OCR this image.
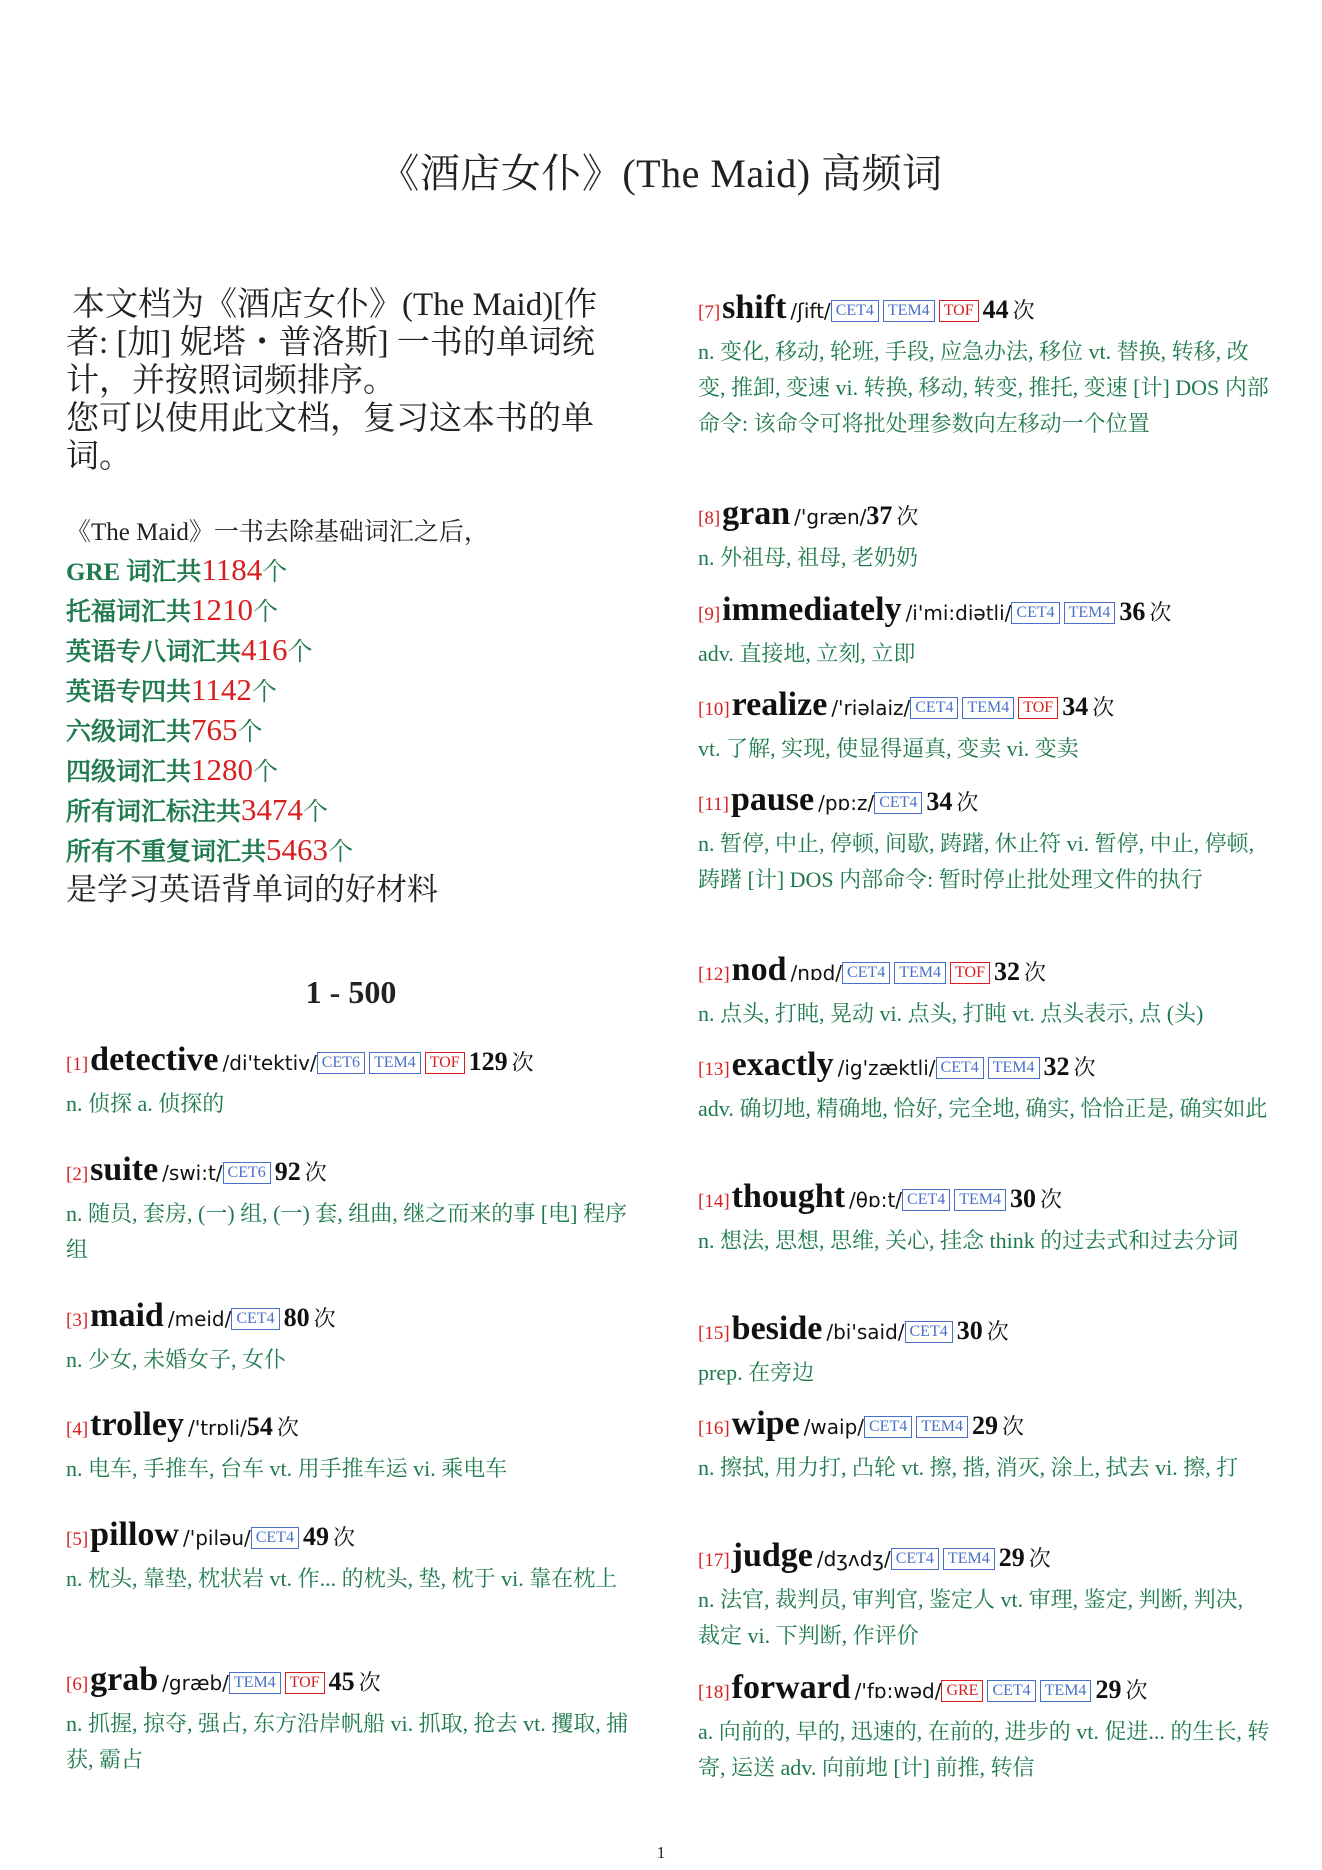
《酒店女仆》(The Maid) 高频词
本文档为《酒店女仆》(The Maid)[作者: [加] 妮塔・普洛斯] 一书的单词统计，并按照词频排序。
您可以使用此文档，复习这本书的单词。
《The Maid》一书去除基础词汇之后，
GRE 词汇共1184个
托福词汇共1210个
英语专八词汇共416个
英语专四共1142个
六级词汇共765个
四级词汇共1280个
所有词汇标注共3474个
所有不重复词汇共5463个
是学习英语背单词的好材料
1 - 500
[1]detective /di'tektiv/ CET6 TEM4 TOF 129 次
n. 侦探 a. 侦探的
[2]suite /swi:t/ CET6 92 次
n. 随员, 套房, (一) 组, (一) 套, 组曲, 继之而来的事 [电] 程序组
[3]maid /meid/ CET4 80 次
n. 少女, 未婚女子, 女仆
[4]trolley /'trɒli/54 次
n. 电车, 手推车, 台车 vt. 用手推车运 vi. 乘电车
[5]pillow /'piləu/ CET4 49 次
n. 枕头, 靠垫, 枕状岩 vt. 作... 的枕头, 垫, 枕于 vi. 靠在枕上
[6]grab /græb/ TEM4 TOF 45 次
n. 抓握, 掠夺, 强占, 东方沿岸帆船 vi. 抓取, 抢去 vt. 攫取, 捕获, 霸占
[7]shift /ʃift/ CET4 TEM4 TOF 44 次
n. 变化, 移动, 轮班, 手段, 应急办法, 移位 vt. 替换, 转移, 改变, 推卸, 变速 vi. 转换, 移动, 转变, 推托, 变速 [计] DOS 内部命令: 该命令可将批处理参数向左移动一个位置
[8]gran /'græn/37 次
n. 外祖母, 祖母, 老奶奶
[9]immediately /i'mi:diətli/ CET4 TEM4 36 次
adv. 直接地, 立刻, 立即
[10]realize /'riəlaiz/ CET4 TEM4 TOF 34 次
vt. 了解, 实现, 使显得逼真, 变卖 vi. 变卖
[11]pause /pɒ:z/ CET4 34 次
n. 暂停, 中止, 停顿, 间歇, 踌躇, 休止符 vi. 暂停, 中止, 停顿, 踌躇 [计] DOS 内部命令: 暂时停止批处理文件的执行
[12]nod /nɒd/ CET4 TEM4 TOF 32 次
n. 点头, 打盹, 晃动 vi. 点头, 打盹 vt. 点头表示, 点 (头)
[13]exactly /ig'zæktli/ CET4 TEM4 32 次
adv. 确切地, 精确地, 恰好, 完全地, 确实, 恰恰正是, 确实如此
[14]thought /θɒ:t/ CET4 TEM4 30 次
n. 想法, 思想, 思维, 关心, 挂念 think 的过去式和过去分词
[15]beside /bi'said/ CET4 30 次
prep. 在旁边
[16]wipe /waip/ CET4 TEM4 29 次
n. 擦拭, 用力打, 凸轮 vt. 擦, 揩, 消灭, 涂上, 拭去 vi. 擦, 打
[17]judge /dʒʌdʒ/ CET4 TEM4 29 次
n. 法官, 裁判员, 审判官, 鉴定人 vt. 审理, 鉴定, 判断, 判决, 裁定 vi. 下判断, 作评价
[18]forward /'fɒ:wəd/ GRE CET4 TEM4 29 次
a. 向前的, 早的, 迅速的, 在前的, 进步的 vt. 促进... 的生长, 转寄, 运送 adv. 向前地 [计] 前推, 转信
1
